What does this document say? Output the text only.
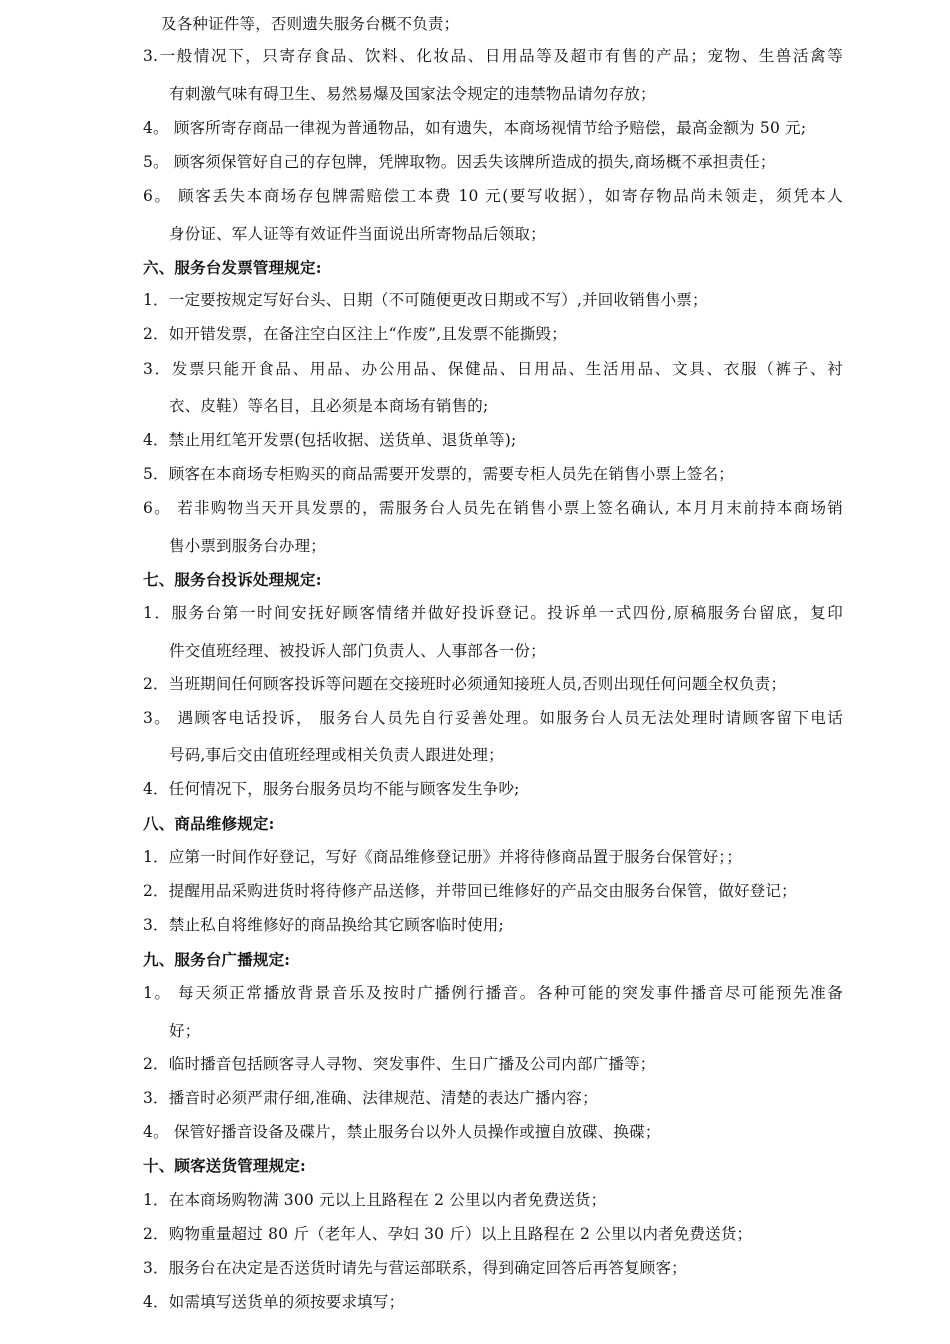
及各种证件等，否则遗失服务台概不负责；
3.一般情况下，只寄存食品、饮料、化妆品、日用品等及超市有售的产品；宠物、生兽活禽等
有刺激气味有碍卫生、易然易爆及国家法令规定的违禁物品请勿存放；
4。 顾客所寄存商品一律视为普通物品，如有遗失，本商场视情节给予赔偿，最高金额为 50 元;
5。 顾客须保管好自己的存包牌，凭牌取物。因丢失该牌所造成的损失,商场概不承担责任；
6。 顾客丢失本商场存包牌需赔偿工本费 10 元(要写收据），如寄存物品尚未领走，须凭本人
身份证、军人证等有效证件当面说出所寄物品后领取；
六、服务台发票管理规定:
1．一定要按规定写好台头、日期（不可随便更改日期或不写）,并回收销售小票；
2．如开错发票，在备注空白区注上“作废”,且发票不能撕毁；
3．发票只能开食品、用品、办公用品、保健品、日用品、生活用品、文具、衣服（裤子、衬
衣、皮鞋）等名目，且必须是本商场有销售的;
4．禁止用红笔开发票(包括收据、送货单、退货单等);
5．顾客在本商场专柜购买的商品需要开发票的，需要专柜人员先在销售小票上签名；
6。 若非购物当天开具发票的，需服务台人员先在销售小票上签名确认, 本月月末前持本商场销
售小票到服务台办理；
七、服务台投诉处理规定:
1．服务台第一时间安抚好顾客情绪并做好投诉登记。投诉单一式四份,原稿服务台留底，复印
件交值班经理、被投诉人部门负责人、人事部各一份；
2．当班期间任何顾客投诉等问题在交接班时必须通知接班人员,否则出现任何问题全权负责；
3。 遇顾客电话投诉， 服务台人员先自行妥善处理。如服务台人员无法处理时请顾客留下电话
号码,事后交由值班经理或相关负责人跟进处理；
4．任何情况下，服务台服务员均不能与顾客发生争吵;
八、商品维修规定:
1．应第一时间作好登记，写好《商品维修登记册》并将待修商品置于服务台保管好；；
2．提醒用品采购进货时将待修产品送修，并带回已维修好的产品交由服务台保管，做好登记；
3．禁止私自将维修好的商品换给其它顾客临时使用;
九、服务台广播规定:
1。 每天须正常播放背景音乐及按时广播例行播音。各种可能的突发事件播音尽可能预先准备
好；
2．临时播音包括顾客寻人寻物、突发事件、生日广播及公司内部广播等；
3．播音时必须严肃仔细,准确、法律规范、清楚的表达广播内容；
4。 保管好播音设备及碟片，禁止服务台以外人员操作或擅自放碟、换碟；
十、顾客送货管理规定:
1．在本商场购物满 300 元以上且路程在 2 公里以内者免费送货；
2．购物重量超过 80 斤（老年人、孕妇 30 斤）以上且路程在 2 公里以内者免费送货；
3．服务台在决定是否送货时请先与营运部联系，得到确定回答后再答复顾客；
4．如需填写送货单的须按要求填写；
